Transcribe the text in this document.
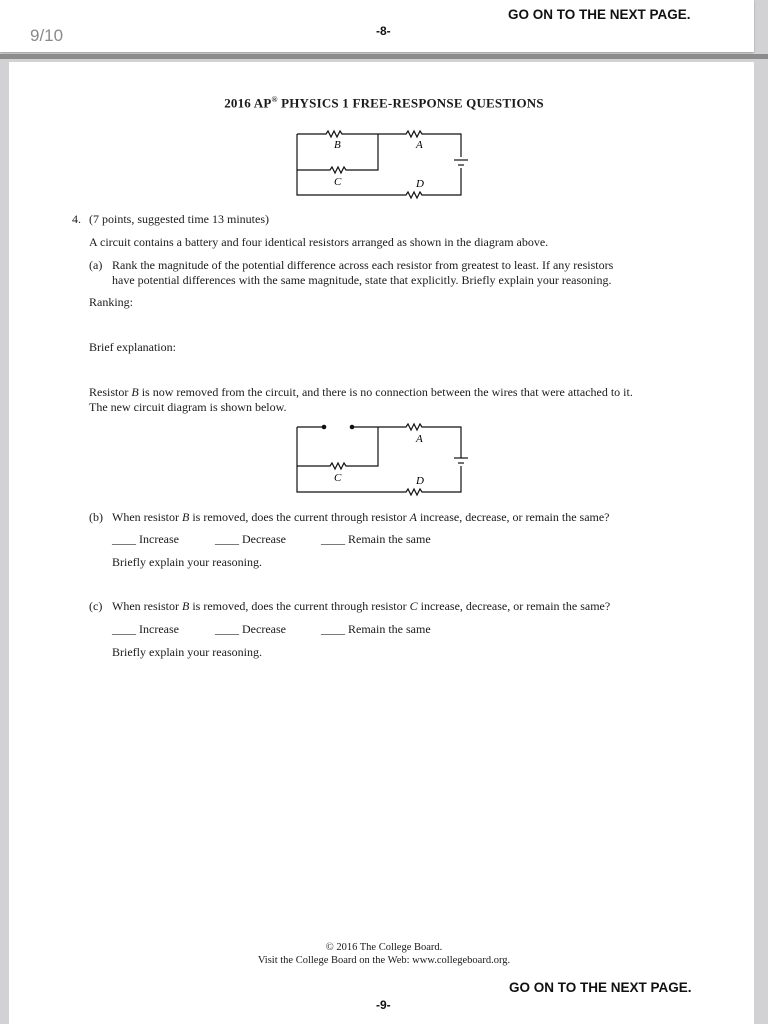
9/10
GO ON TO THE NEXT PAGE.
-8-
2016 AP® PHYSICS 1 FREE-RESPONSE QUESTIONS
B	A
C	D
4. (7 points, suggested time 13 minutes)
A circuit contains a battery and four identical resistors arranged as shown in the diagram above.
(a) Rank the magnitude of the potential difference across each resistor from greatest to least. If any resistors
have potential differences with the same magnitude, state that explicitly. Briefly explain your reasoning.
Ranking:
Brief explanation:
Resistor B is now removed from the circuit, and there is no connection between the wires that were attached to it.
The new circuit diagram is shown below.
A
C	D
(b) When resistor B is removed, does the current through resistor A increase, decrease, or remain the same?
____ Increase	____ Decrease	____ Remain the same
Briefly explain your reasoning.
(c) When resistor B is removed, does the current through resistor C increase, decrease, or remain the same?
____ Increase	____ Decrease	____ Remain the same
Briefly explain your reasoning.
© 2016 The College Board.
Visit the College Board on the Web: www.collegeboard.org.
GO ON TO THE NEXT PAGE.
-9-
